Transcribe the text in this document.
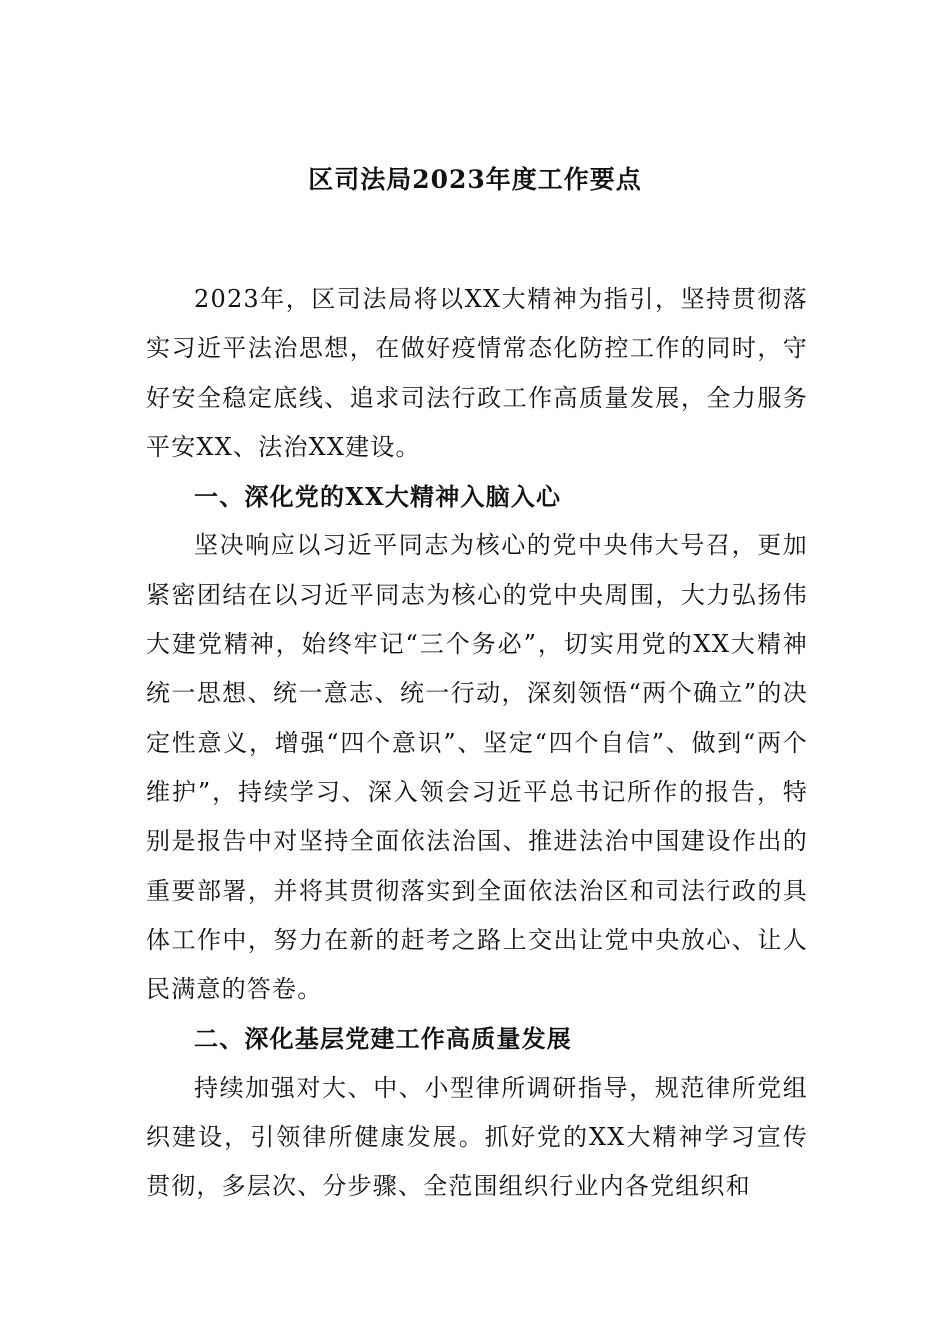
区司法局2023年度工作要点

2023年，区司法局将以XX大精神为指引，坚持贯彻落实习近平法治思想，在做好疫情常态化防控工作的同时，守好安全稳定底线、追求司法行政工作高质量发展，全力服务平安XX、法治XX建设。

一、深化党的XX大精神入脑入心

坚决响应以习近平同志为核心的党中央伟大号召，更加紧密团结在以习近平同志为核心的党中央周围，大力弘扬伟大建党精神，始终牢记“三个务必”，切实用党的XX大精神统一思想、统一意志、统一行动，深刻领悟“两个确立”的决定性意义，增强“四个意识”、坚定“四个自信”、做到“两个维护”，持续学习、深入领会习近平总书记所作的报告，特别是报告中对坚持全面依法治国、推进法治中国建设作出的重要部署，并将其贯彻落实到全面依法治区和司法行政的具体工作中，努力在新的赶考之路上交出让党中央放心、让人民满意的答卷。

二、深化基层党建工作高质量发展

持续加强对大、中、小型律所调研指导，规范律所党组织建设，引领律所健康发展。抓好党的XX大精神学习宣传贯彻，多层次、分步骤、全范围组织行业内各党组织和
